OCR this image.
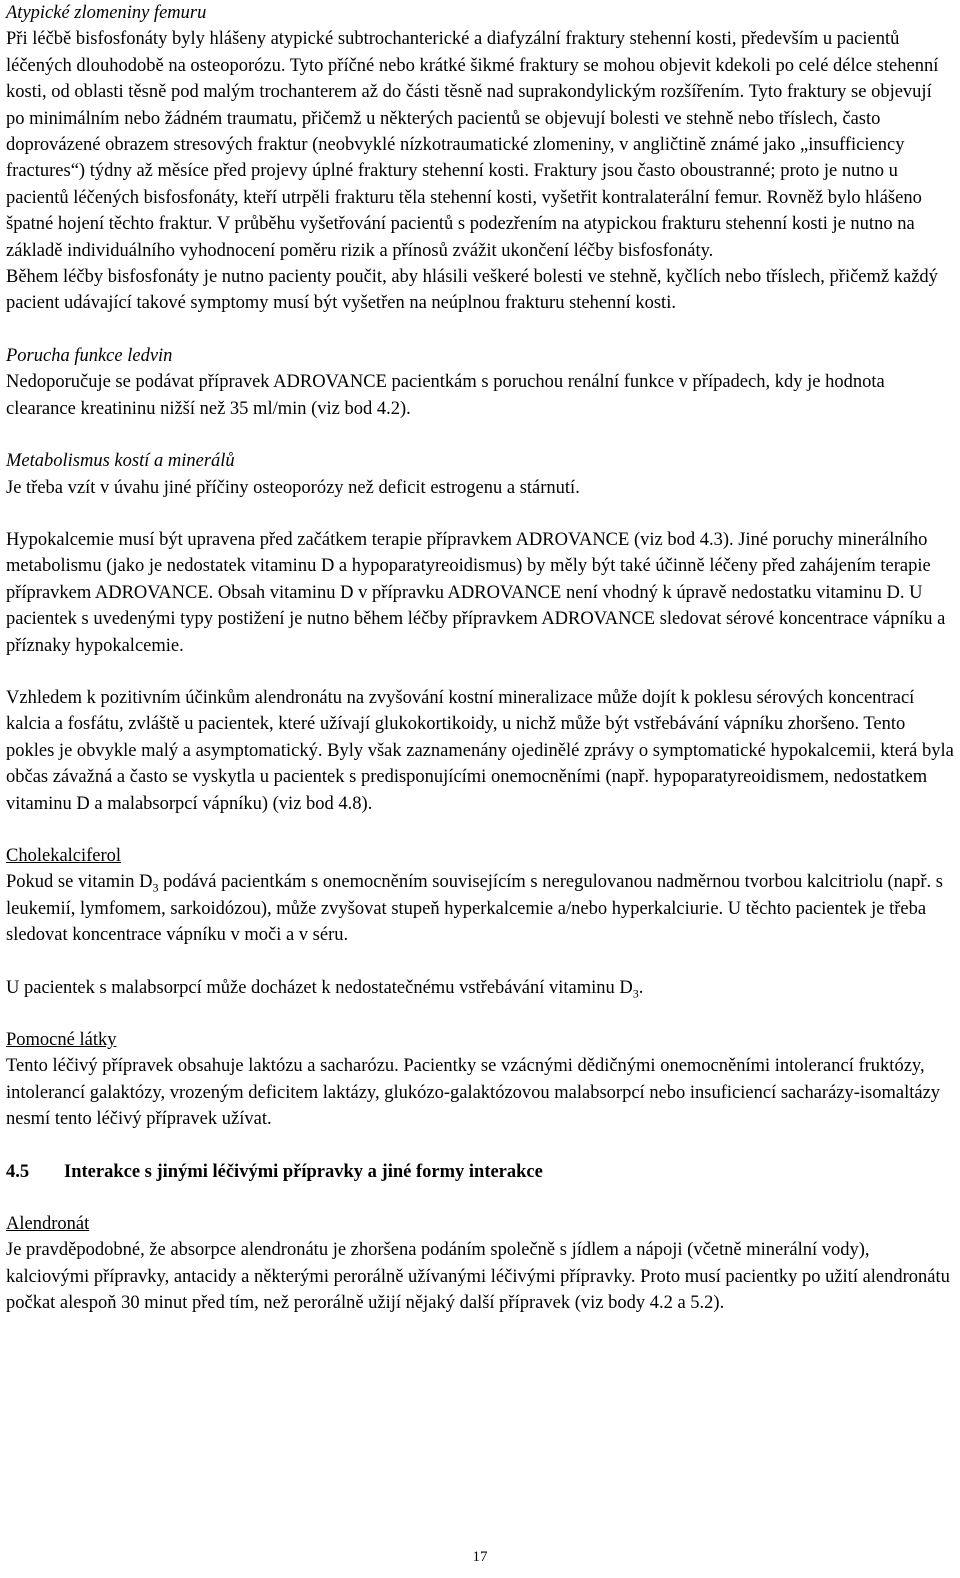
Atypické zlomeniny femuru

Při léčbě bisfosfonáty byly hlášeny atypické subtrochanterické a diafyzální fraktury stehenní kosti, především u pacientů léčených dlouhodobě na osteoporózu. Tyto příčné nebo krátké šikmé fraktury se mohou objevit kdekoli po celé délce stehenní kosti, od oblasti těsně pod malým trochanterem až do části těsně nad suprakondylickým rozšířením. Tyto fraktury se objevují po minimálním nebo žádném traumatu, přičemž u některých pacientů se objevují bolesti ve stehně nebo tříslech, často doprovázené obrazem stresových fraktur (neobvyklé nízkotraumatické zlomeniny, v angličtině známé jako „insufficiency fractures“) týdny až měsíce před projevy úplné fraktury stehenní kosti. Fraktury jsou často oboustranné; proto je nutno u pacientů léčených bisfosfonáty, kteří utrpěli frakturu těla stehenní kosti, vyšetřit kontralaterální femur. Rovněž bylo hlášeno špatné hojení těchto fraktur. V průběhu vyšetřování pacientů s podezřením na atypickou frakturu stehenní kosti je nutno na základě individuálního vyhodnocení poměru rizik a přínosů zvážit ukončení léčby bisfosfonáty.

Během léčby bisfosfonáty je nutno pacienty poučit, aby hlásili veškeré bolesti ve stehně, kyčlích nebo tříslech, přičemž každý pacient udávající takové symptomy musí být vyšetřen na neúplnou frakturu stehenní kosti.

Porucha funkce ledvin

Nedoporučuje se podávat přípravek ADROVANCE pacientkám s poruchou renální funkce v případech, kdy je hodnota clearance kreatininu nižší než 35 ml/min (viz bod 4.2).

Metabolismus kostí a minerálů

Je třeba vzít v úvahu jiné příčiny osteoporózy než deficit estrogenu a stárnutí.

Hypokalcemie musí být upravena před začátkem terapie přípravkem ADROVANCE (viz bod 4.3). Jiné poruchy minerálního metabolismu (jako je nedostatek vitaminu D a hypoparatyreoidismus) by měly být také účinně léčeny před zahájením terapie přípravkem ADROVANCE. Obsah vitaminu D v přípravku ADROVANCE není vhodný k úpravě nedostatku vitaminu D. U pacientek s uvedenými typy postižení je nutno během léčby přípravkem ADROVANCE sledovat sérové koncentrace vápníku a příznaky hypokalcemie.

Vzhledem k pozitivním účinkům alendronátu na zvyšování kostní mineralizace může dojít k poklesu sérových koncentrací kalcia a fosfátu, zvláště u pacientek, které užívají glukokortikoidy, u nichž může být vstřebávání vápníku zhoršeno. Tento pokles je obvykle malý a asymptomatický. Byly však zaznamenány ojedinělé zprávy o symptomatické hypokalcemii, která byla občas závažná a často se vyskytla u pacientek s predisponujícími onemocněními (např. hypoparatyreoidismem, nedostatkem vitaminu D a malabsorpcí vápníku) (viz bod 4.8).

Cholekalciferol

Pokud se vitamin $D_3$ podává pacientkám s onemocněním souvisejícím s neregulovanou nadměrnou tvorbou kalcitriolu (např. s leukemií, lymfomem, sarkoidózou), může zvyšovat stupeň hyperkalcemie a/nebo hyperkalciurie. U těchto pacientek je třeba sledovat koncentrace vápníku v moči a v séru.

U pacientek s malabsorpcí může docházet k nedostatečnému vstřebávání vitaminu $D_3$.

Pomocné látky

Tento léčivý přípravek obsahuje laktózu a sacharózu. Pacientky se vzácnými dědičnými onemocněními intolerancí fruktózy, intolerancí galaktózy, vrozeným deficitem laktázy, glukózo-galaktózovou malabsorpcí nebo insuficiencí sacharázy-isomaltázy nesmí tento léčivý přípravek užívat.

4.5 Interakce s jinými léčivými přípravky a jiné formy interakce

Alendronát

Je pravděpodobné, že absorpce alendronátu je zhoršena podáním společně s jídlem a nápoji (včetně minerální vody), kalciovými přípravky, antacidy a některými perorálně užívanými léčivými přípravky. Proto musí pacientky po užití alendronátu počkat alespoň 30 minut před tím, než perorálně užijí nějaký další přípravek (viz body 4.2 a 5.2).

17
